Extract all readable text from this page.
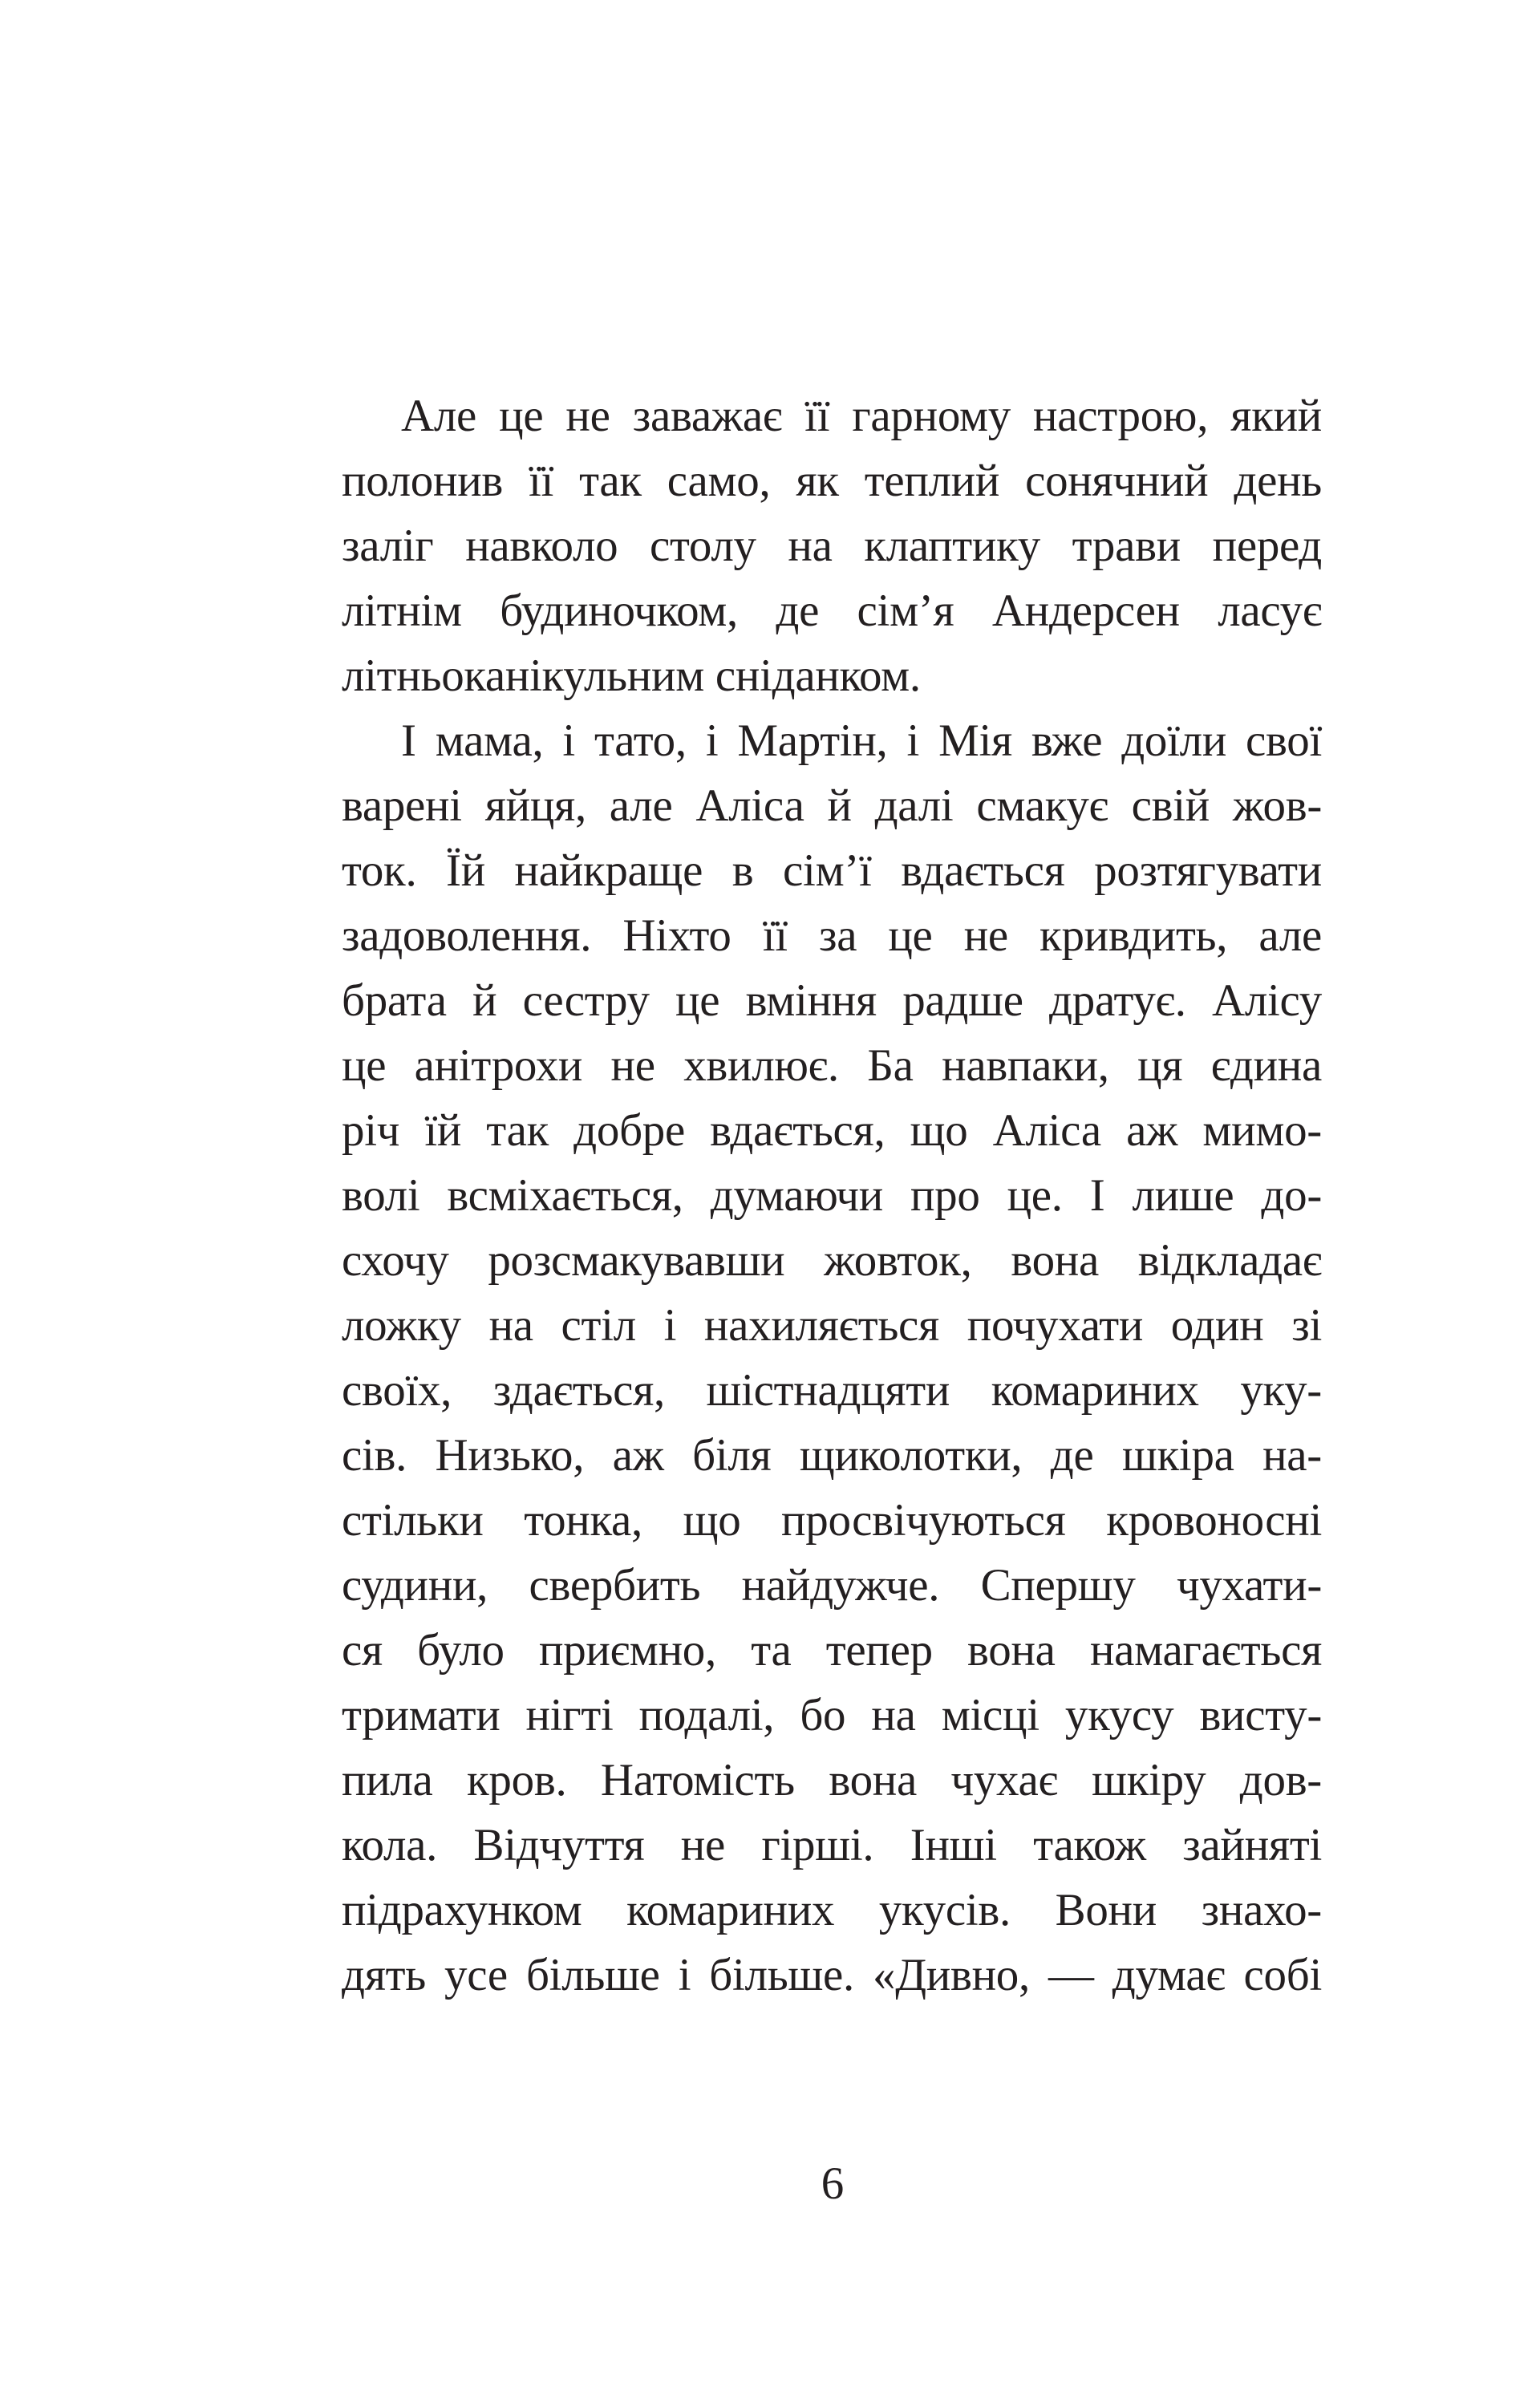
Але це не заважає її гарному настрою, який
полонив її так само, як теплий сонячний день
заліг навколо столу на клаптику трави перед
літнім будиночком, де сім’я Андерсен ласує
літньоканікульним сніданком.
І мама, і тато, і Мартін, і Мія вже доїли свої
варені яйця, але Аліса й далі смакує свій жов-
ток. Їй найкраще в сім’ї вдається розтягувати
задоволення. Ніхто її за це не кривдить, але
брата й сестру це вміння радше дратує. Алісу
це анітрохи не хвилює. Ба навпаки, ця єдина
річ їй так добре вдається, що Аліса аж мимо-
волі всміхається, думаючи про це. І лише до-
схочу розсмакувавши жовток, вона відкладає
ложку на стіл і нахиляється почухати один зі
своїх, здається, шістнадцяти комариних уку-
сів. Низько, аж біля щиколотки, де шкіра на-
стільки тонка, що просвічуються кровоносні
судини, свербить найдужче. Спершу чухати-
ся було приємно, та тепер вона намагається
тримати нігті подалі, бо на місці укусу висту-
пила кров. Натомість вона чухає шкіру дов-
кола. Відчуття не гірші. Інші також зайняті
підрахунком комариних укусів. Вони знахо-
дять усе більше і більше. «Дивно, — думає собі
6
